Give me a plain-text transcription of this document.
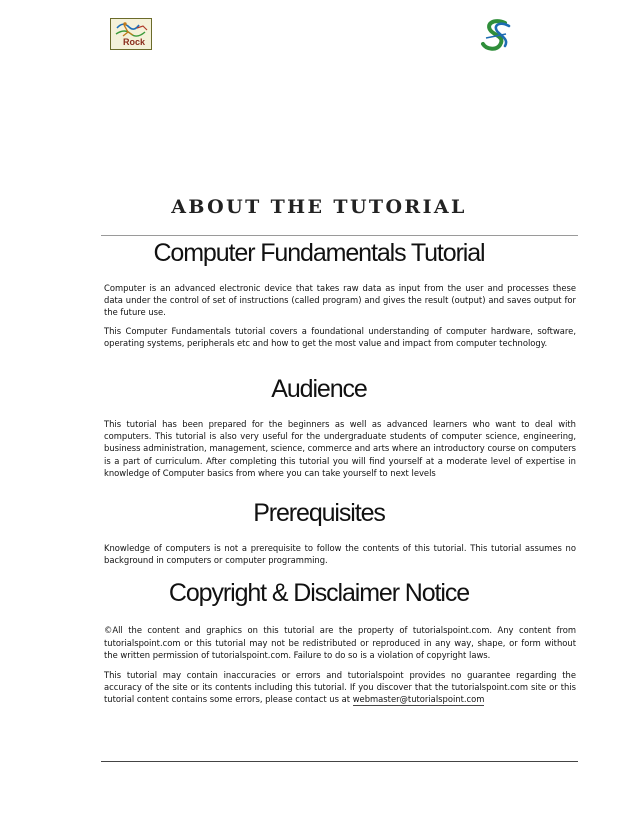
Rock
ABOUT THE TUTORIAL
Computer Fundamentals Tutorial

Computer is an advanced electronic device that takes raw data as input from the user and processes these data under the control of set of instructions (called program) and gives the result (output) and saves output for the future use.

This Computer Fundamentals tutorial covers a foundational understanding of computer hardware, software, operating systems, peripherals etc and how to get the most value and impact from computer technology.

Audience

This tutorial has been prepared for the beginners as well as advanced learners who want to deal with computers. This tutorial is also very useful for the undergraduate students of computer science, engineering, business administration, management, science, commerce and arts where an introductory course on computers is a part of curriculum. After completing this tutorial you will find yourself at a moderate level of expertise in knowledge of Computer basics from where you can take yourself to next levels

Prerequisites

Knowledge of computers is not a prerequisite to follow the contents of this tutorial. This tutorial assumes no background in computers or computer programming.

Copyright & Disclaimer Notice

©All the content and graphics on this tutorial are the property of tutorialspoint.com. Any content from tutorialspoint.com or this tutorial may not be redistributed or reproduced in any way, shape, or form without the written permission of tutorialspoint.com. Failure to do so is a violation of copyright laws.

This tutorial may contain inaccuracies or errors and tutorialspoint provides no guarantee regarding the accuracy of the site or its contents including this tutorial. If you discover that the tutorialspoint.com site or this tutorial content contains some errors, please contact us at webmaster@tutorialspoint.com
